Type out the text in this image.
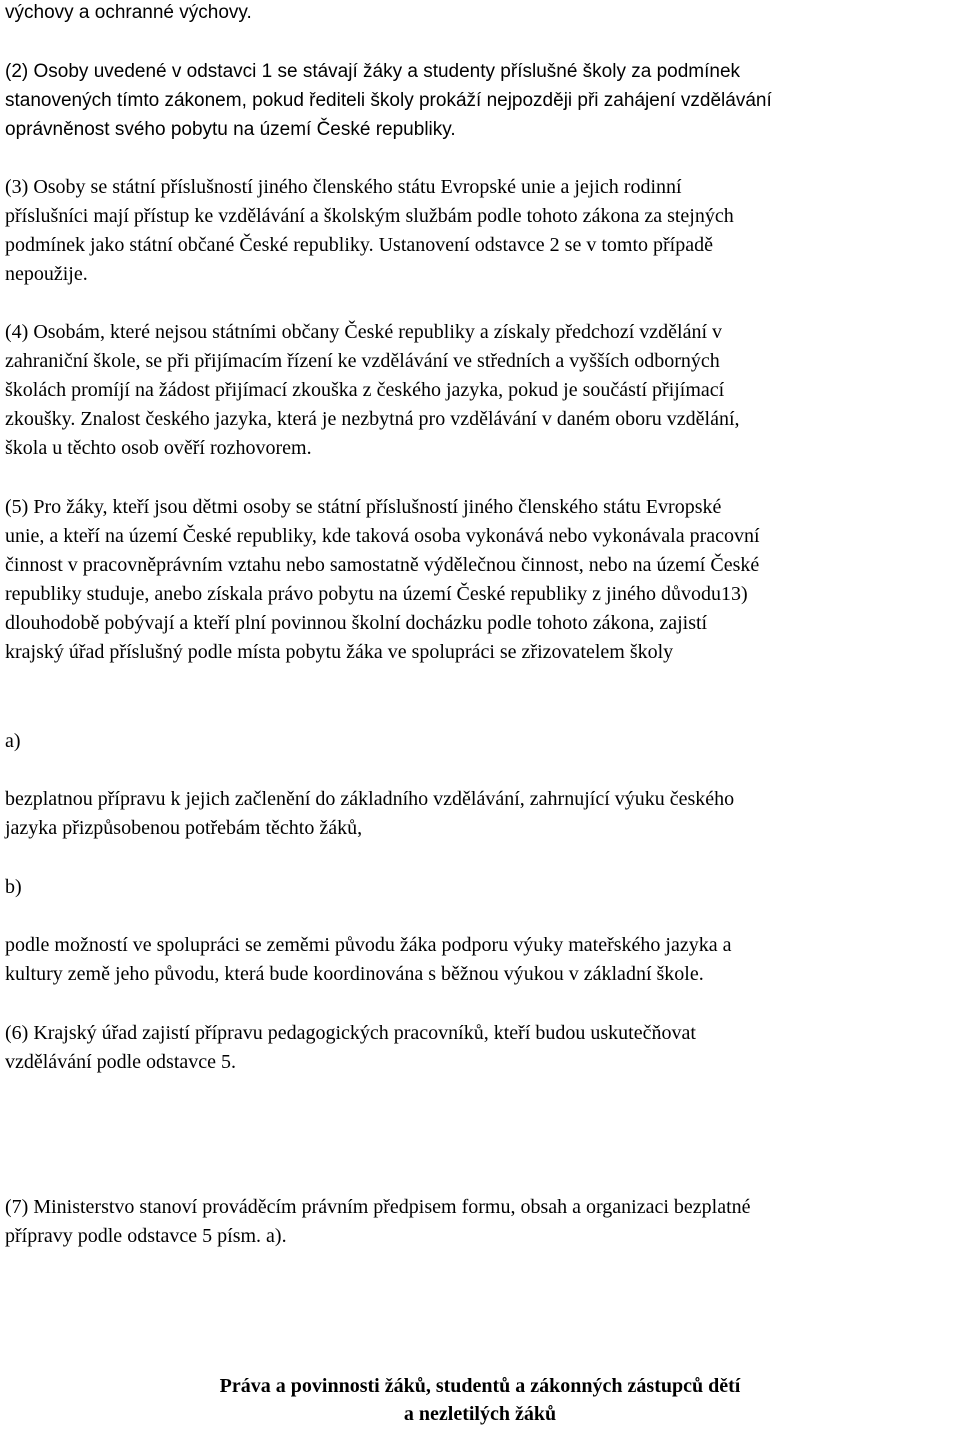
výchovy a ochranné výchovy.
(2) Osoby uvedené v odstavci 1 se stávají žáky a studenty příslušné školy za podmínek
stanovených tímto zákonem, pokud řediteli školy prokáží nejpozději při zahájení vzdělávání
oprávněnost svého pobytu na území České republiky.
(3) Osoby se státní příslušností jiného členského státu Evropské unie a jejich rodinní
příslušníci mají přístup ke vzdělávání a školským službám podle tohoto zákona za stejných
podmínek jako státní občané České republiky. Ustanovení odstavce 2 se v tomto případě
nepoužije.
(4) Osobám, které nejsou státními občany České republiky a získaly předchozí vzdělání v
zahraniční škole, se při přijímacím řízení ke vzdělávání ve středních a vyšších odborných
školách promíjí na žádost přijímací zkouška z českého jazyka, pokud je součástí přijímací
zkoušky. Znalost českého jazyka, která je nezbytná pro vzdělávání v daném oboru vzdělání,
škola u těchto osob ověří rozhovorem.
(5) Pro žáky, kteří jsou dětmi osoby se státní příslušností jiného členského státu Evropské
unie, a kteří na území České republiky, kde taková osoba vykonává nebo vykonávala pracovní
činnost v pracovněprávním vztahu nebo samostatně výdělečnou činnost, nebo na území České
republiky studuje, anebo získala právo pobytu na území České republiky z jiného důvodu13)
dlouhodobě pobývají a kteří plní povinnou školní docházku podle tohoto zákona, zajistí
krajský úřad příslušný podle místa pobytu žáka ve spolupráci se zřizovatelem školy
a)
bezplatnou přípravu k jejich začlenění do základního vzdělávání, zahrnující výuku českého
jazyka přizpůsobenou potřebám těchto žáků,
b)
podle možností ve spolupráci se zeměmi původu žáka podporu výuky mateřského jazyka a
kultury země jeho původu, která bude koordinována s běžnou výukou v základní škole.
(6) Krajský úřad zajistí přípravu pedagogických pracovníků, kteří budou uskutečňovat
vzdělávání podle odstavce 5.
(7) Ministerstvo stanoví prováděcím právním předpisem formu, obsah a organizaci bezplatné
přípravy podle odstavce 5 písm. a).
Práva a povinnosti žáků, studentů a zákonných zástupců dětí
a nezletilých žáků
